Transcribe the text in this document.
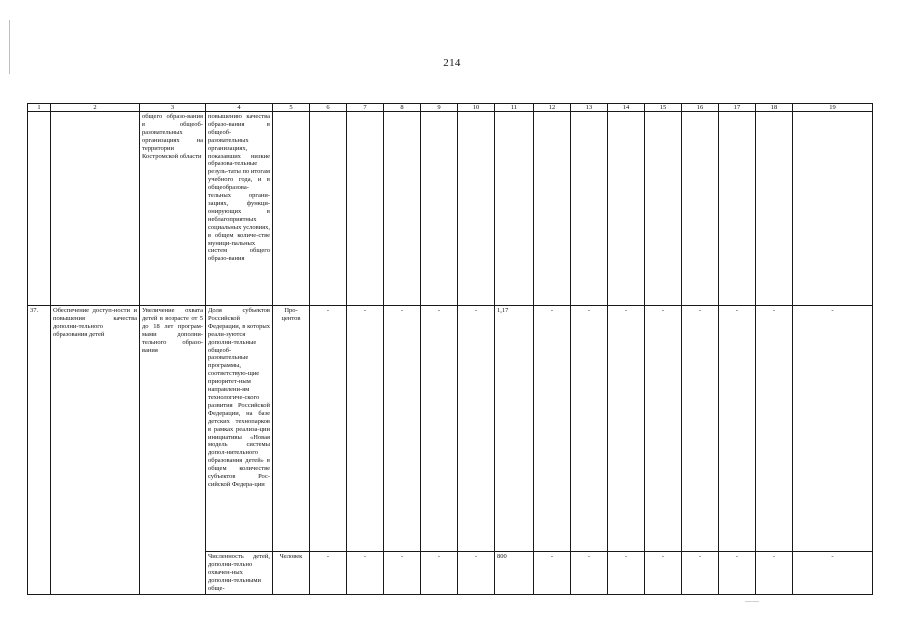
214
1	2	3	4	5	6	7	8	9	10	11	12	13	14	15	16	17	18	19
		общего образо-вания в общеоб-разовательных организациях на территории Костромской области	повышению качества образо-вания в общеоб-разовательных организациях, показавших низкие образова-тельные резуль-таты по итогам учебного года, и в общеобразова-тельных органи-зациях, функци-онирующих в неблагоприятных социальных условиях, в общем количе-стве муници-пальных систем общего образо-вания															
37.	Обеспечение доступ-ности и повышения качества дополни-тельного образования детей	Увеличение охвата детей в возрасте от 5 до 18 лет програм-мами дополни-тельного образо-вания	Доля субъектов Российской Федерации, в которых реали-зуются дополни-тельные общеоб-разовательные программы, соответствую-щие приоритет-ным направлени-ям технологиче-ского развития Российской Федерации, на базе детских технопарков в рамках реализа-ции инициативы «Новая модель системы допол-нительного образования детей» в общем количестве субъектов Рос-сийской Федера-ции	Про-центов	-	-	-	-	-	1,17	-	-	-	-	-	-	-	-
			Численность детей, дополни-тельно охвачен-ных дополни-тельными обще-	Человек	-	-	-	-	-	800	-	-	-	-	-	-	-	-
